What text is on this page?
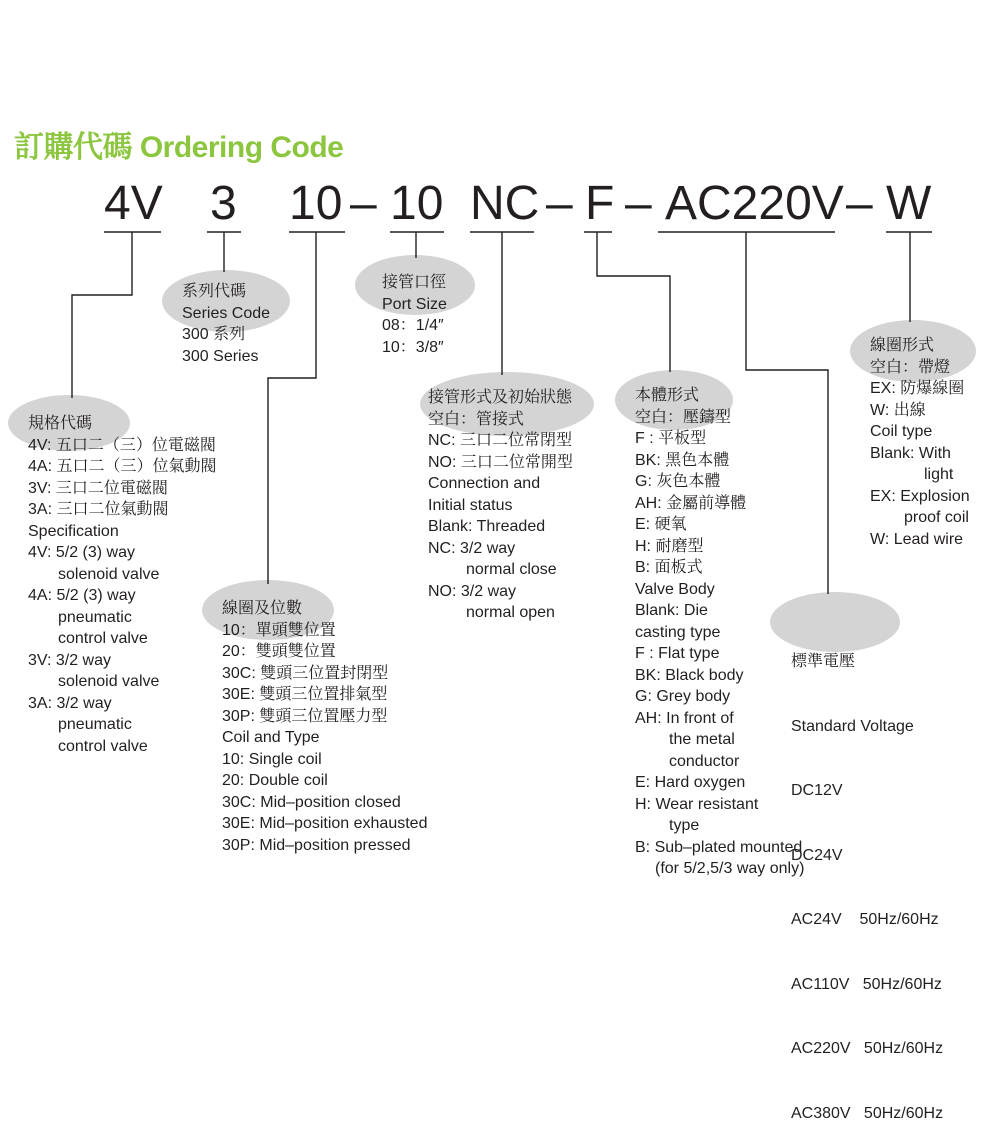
訂購代碼 Ordering Code
4V 3 10 – 10 NC – F – AC220V – W
系列代碼
Series Code
300 系列
300 Series
接管口徑
Port Size
08：1/4″
10：3/8″
規格代碼
4V: 五口二（三）位電磁閥
4A: 五口二（三）位氣動閥
3V: 三口二位電磁閥
3A: 三口二位氣動閥
Specification
4V: 5/2 (3) way
solenoid valve
4A: 5/2 (3) way
pneumatic
control valve
3V: 3/2 way
solenoid valve
3A: 3/2 way
pneumatic
control valve
線圈及位數
10：單頭雙位置
20：雙頭雙位置
30C: 雙頭三位置封閉型
30E: 雙頭三位置排氣型
30P: 雙頭三位置壓力型
Coil and Type
10: Single coil
20: Double coil
30C: Mid–position closed
30E: Mid–position exhausted
30P: Mid–position pressed
接管形式及初始狀態
空白：管接式
NC: 三口二位常閉型
NO: 三口二位常開型
Connection and
Initial status
Blank: Threaded
NC: 3/2 way
normal close
NO: 3/2 way
normal open
本體形式
空白：壓鑄型
F : 平板型
BK: 黑色本體
G: 灰色本體
AH: 金屬前導體
E: 硬氧
H: 耐磨型
B: 面板式
Valve Body
Blank: Die
casting type
F : Flat type
BK: Black body
G: Grey body
AH: In front of
the metal
conductor
E: Hard oxygen
H: Wear resistant
type
B: Sub–plated mounted
(for 5/2,5/3 way only)

標準電壓

Standard Voltage

DC12V

DC24V

AC24V    50Hz/60Hz

AC110V   50Hz/60Hz

AC220V   50Hz/60Hz

AC380V   50Hz/60Hz

線圈形式
空白：帶燈
EX: 防爆線圈
W: 出線
Coil type
Blank: With
light
EX: Explosion
proof coil
W: Lead wire
